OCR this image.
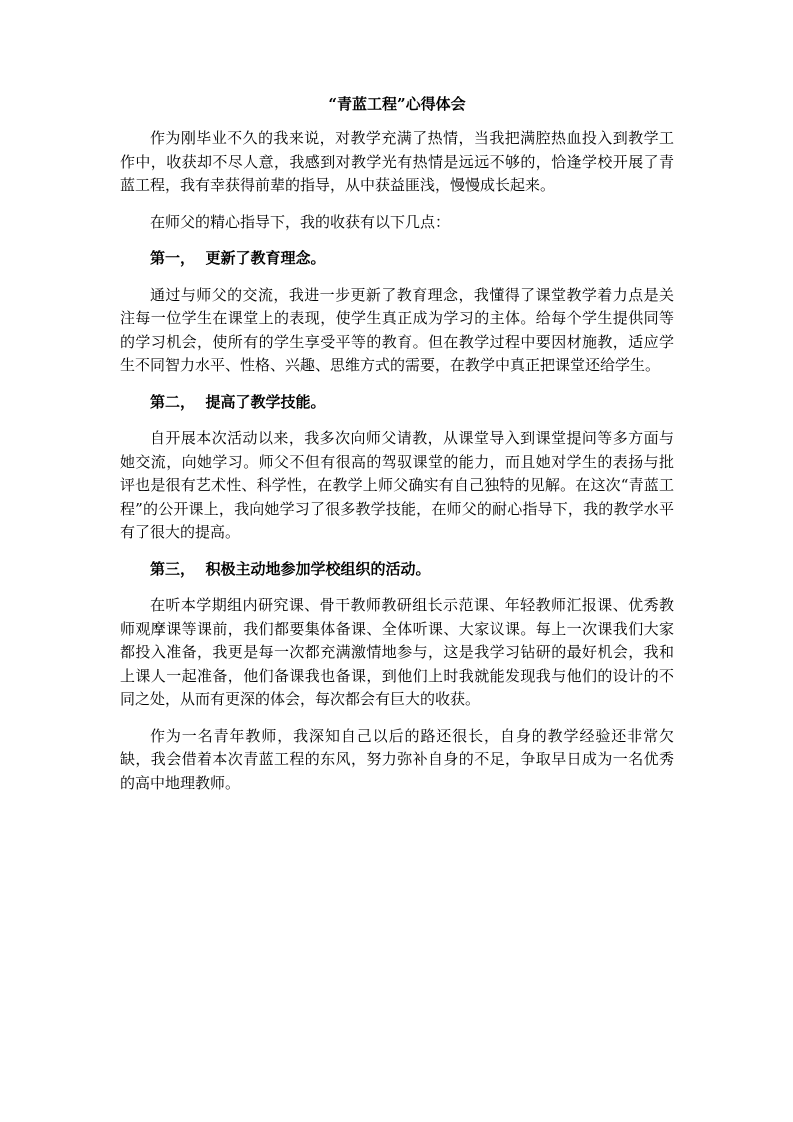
“青蓝工程”心得体会

作为刚毕业不久的我来说，对教学充满了热情，当我把满腔热血投入到教学工作中，收获却不尽人意，我感到对教学光有热情是远远不够的，恰逢学校开展了青蓝工程，我有幸获得前辈的指导，从中获益匪浅，慢慢成长起来。

在师父的精心指导下，我的收获有以下几点：

第一，  更新了教育理念。

通过与师父的交流，我进一步更新了教育理念，我懂得了课堂教学着力点是关注每一位学生在课堂上的表现，使学生真正成为学习的主体。给每个学生提供同等的学习机会，使所有的学生享受平等的教育。但在教学过程中要因材施教，适应学生不同智力水平、性格、兴趣、思维方式的需要，在教学中真正把课堂还给学生。

第二，  提高了教学技能。

自开展本次活动以来，我多次向师父请教，从课堂导入到课堂提问等多方面与她交流，向她学习。师父不但有很高的驾驭课堂的能力，而且她对学生的表扬与批评也是很有艺术性、科学性，在教学上师父确实有自己独特的见解。在这次“青蓝工程”的公开课上，我向她学习了很多教学技能，在师父的耐心指导下，我的教学水平有了很大的提高。

第三，  积极主动地参加学校组织的活动。

在听本学期组内研究课、骨干教师教研组长示范课、年轻教师汇报课、优秀教师观摩课等课前，我们都要集体备课、全体听课、大家议课。每上一次课我们大家都投入准备，我更是每一次都充满激情地参与，这是我学习钻研的最好机会，我和上课人一起准备，他们备课我也备课，到他们上时我就能发现我与他们的设计的不同之处，从而有更深的体会，每次都会有巨大的收获。

作为一名青年教师，我深知自己以后的路还很长，自身的教学经验还非常欠缺，我会借着本次青蓝工程的东风，努力弥补自身的不足，争取早日成为一名优秀的高中地理教师。
